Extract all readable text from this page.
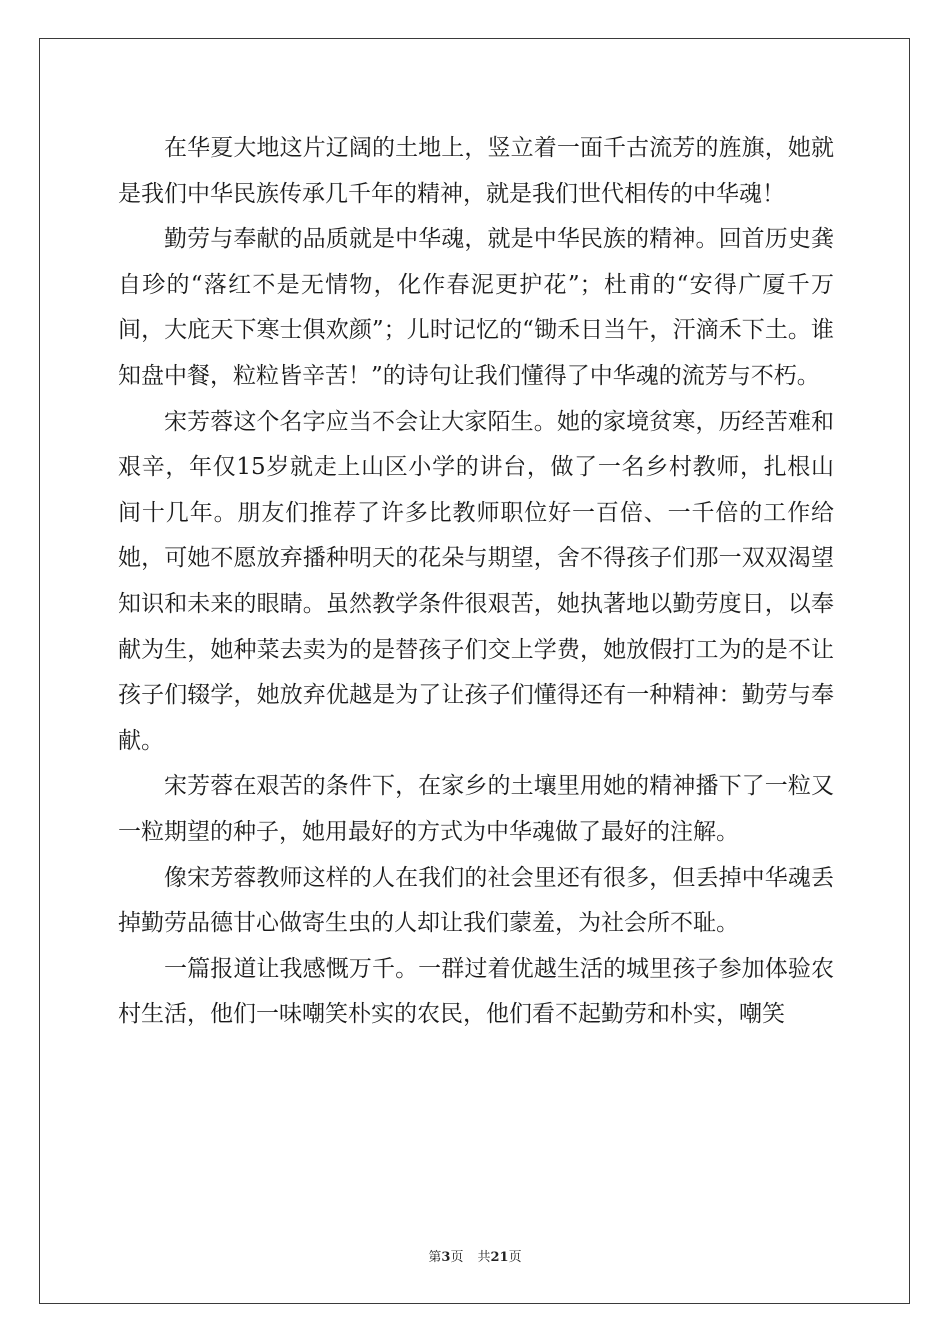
在华夏大地这片辽阔的土地上，竖立着一面千古流芳的旌旗，她就是我们中华民族传承几千年的精神，就是我们世代相传的中华魂！

勤劳与奉献的品质就是中华魂，就是中华民族的精神。回首历史龚自珍的“落红不是无情物，化作春泥更护花”；杜甫的“安得广厦千万间，大庇天下寒士俱欢颜”；儿时记忆的“锄禾日当午，汗滴禾下土。谁知盘中餐，粒粒皆辛苦！”的诗句让我们懂得了中华魂的流芳与不朽。

宋芳蓉这个名字应当不会让大家陌生。她的家境贫寒，历经苦难和艰辛，年仅15岁就走上山区小学的讲台，做了一名乡村教师，扎根山间十几年。朋友们推荐了许多比教师职位好一百倍、一千倍的工作给她，可她不愿放弃播种明天的花朵与期望，舍不得孩子们那一双双渴望知识和未来的眼睛。虽然教学条件很艰苦，她执著地以勤劳度日，以奉献为生，她种菜去卖为的是替孩子们交上学费，她放假打工为的是不让孩子们辍学，她放弃优越是为了让孩子们懂得还有一种精神：勤劳与奉献。

宋芳蓉在艰苦的条件下，在家乡的土壤里用她的精神播下了一粒又一粒期望的种子，她用最好的方式为中华魂做了最好的注解。

像宋芳蓉教师这样的人在我们的社会里还有很多，但丢掉中华魂丢掉勤劳品德甘心做寄生虫的人却让我们蒙羞，为社会所不耻。

一篇报道让我感慨万千。一群过着优越生活的城里孩子参加体验农村生活，他们一味嘲笑朴实的农民，他们看不起勤劳和朴实，嘲笑

第3页 共21页
